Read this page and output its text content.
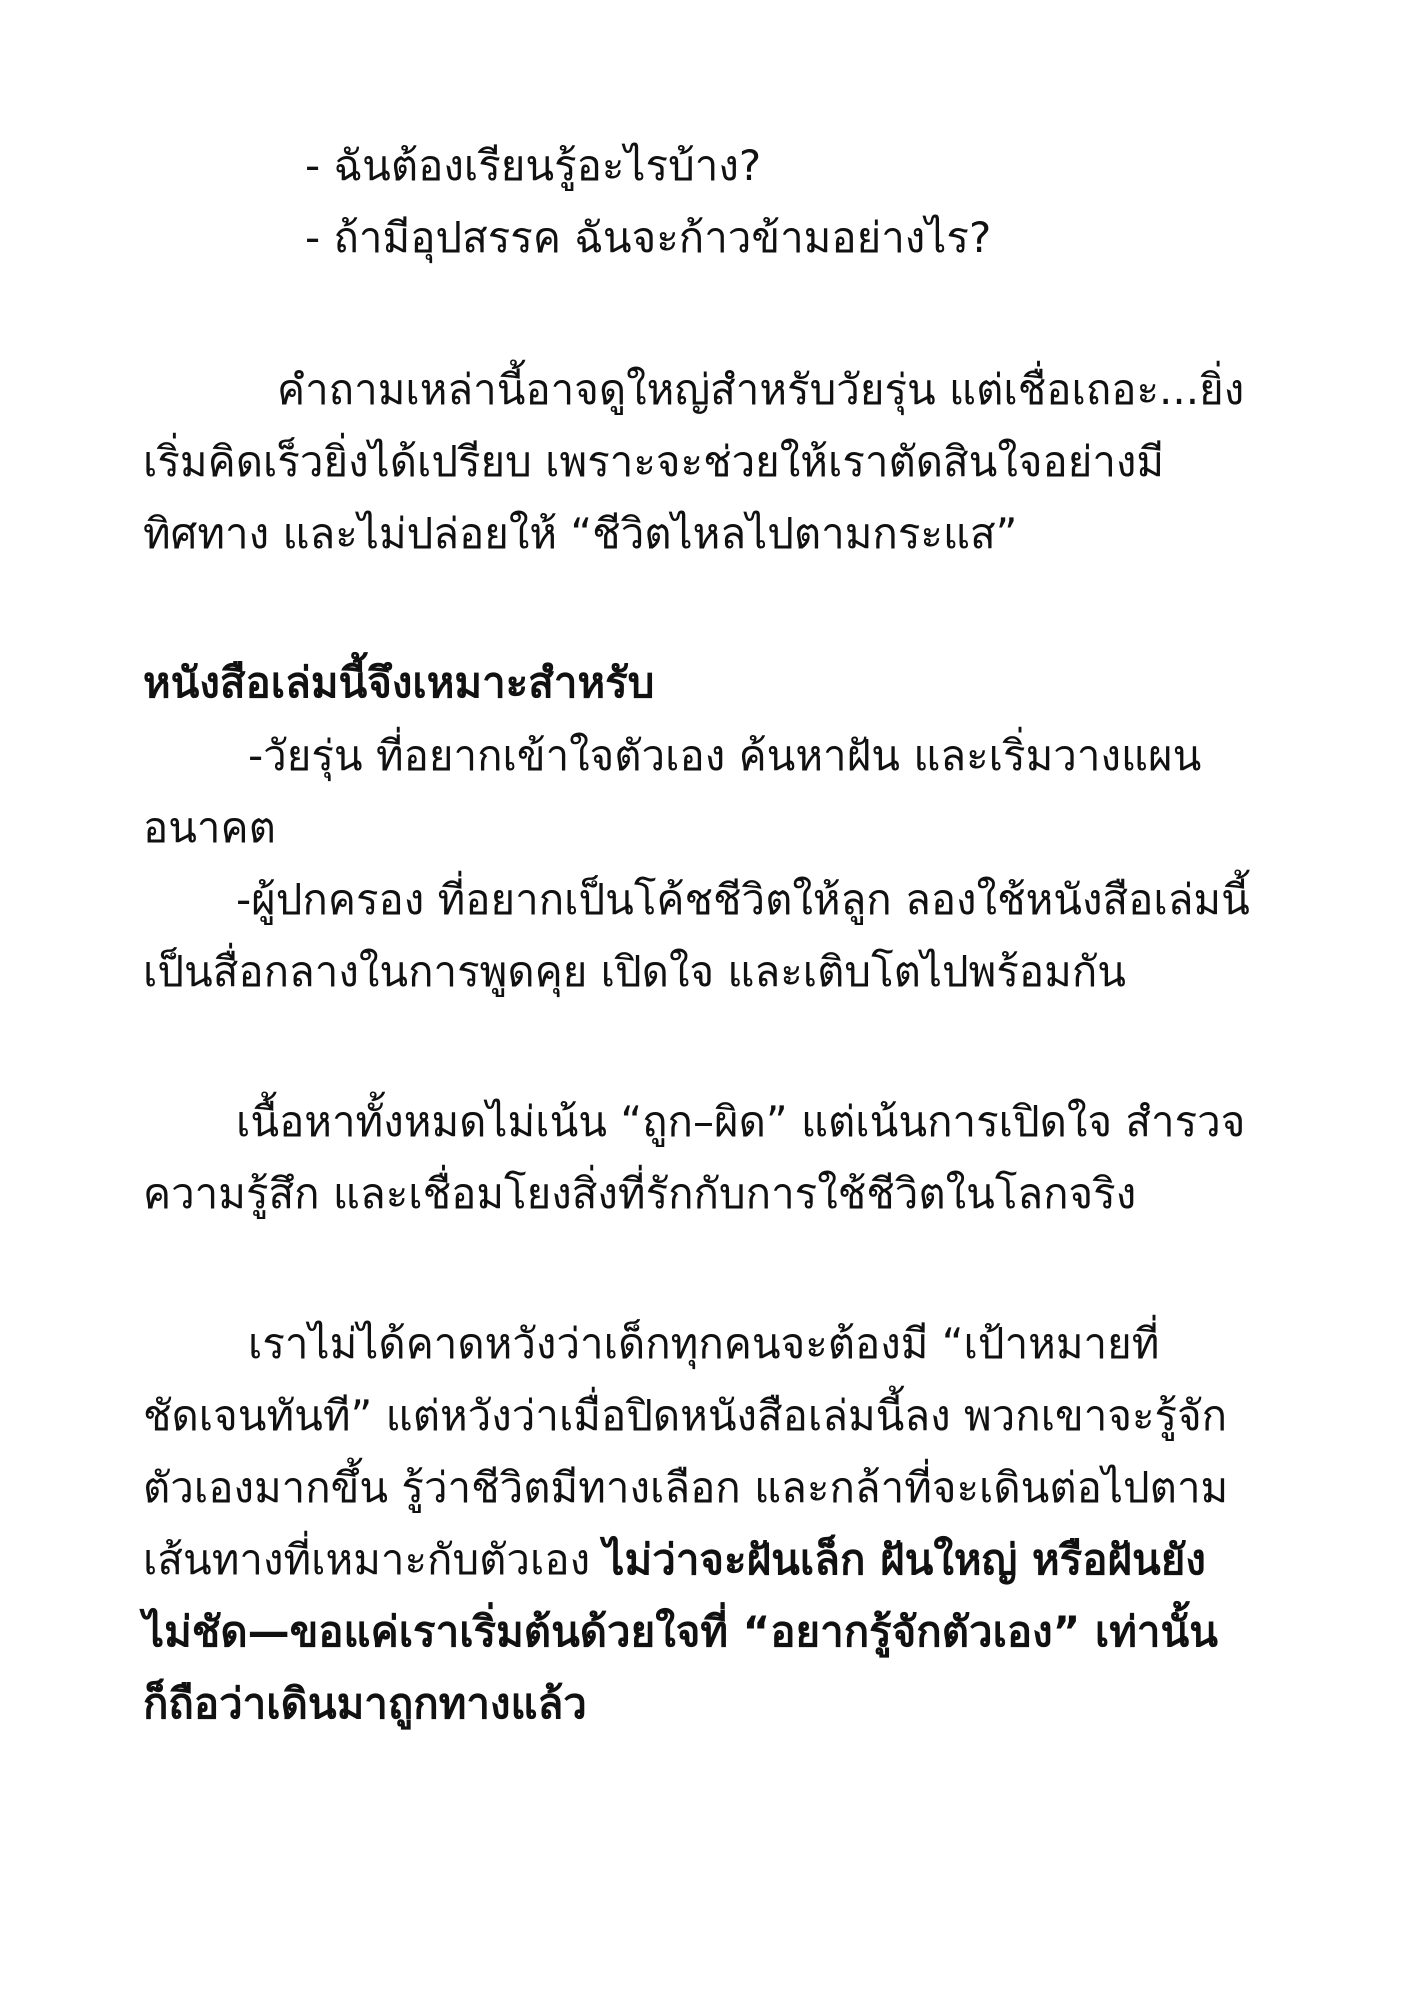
- ฉันต้องเรียนรู้อะไรบ้าง?
- ถ้ามีอุปสรรค ฉันจะก้าวข้ามอย่างไร?
คำถามเหล่านี้อาจดูใหญ่สำหรับวัยรุ่น แต่เชื่อเถอะ...ยิ่ง
เริ่มคิดเร็วยิ่งได้เปรียบ เพราะจะช่วยให้เราตัดสินใจอย่างมี
ทิศทาง และไม่ปล่อยให้ “ชีวิตไหลไปตามกระแส”
หนังสือเล่มนี้จึงเหมาะสำหรับ
-วัยรุ่น ที่อยากเข้าใจตัวเอง ค้นหาฝัน และเริ่มวางแผน
อนาคต
-ผู้ปกครอง ที่อยากเป็นโค้ชชีวิตให้ลูก ลองใช้หนังสือเล่มนี้
เป็นสื่อกลางในการพูดคุย เปิดใจ และเติบโตไปพร้อมกัน
เนื้อหาทั้งหมดไม่เน้น “ถูก–ผิด” แต่เน้นการเปิดใจ สำรวจ
ความรู้สึก และเชื่อมโยงสิ่งที่รักกับการใช้ชีวิตในโลกจริง
เราไม่ได้คาดหวังว่าเด็กทุกคนจะต้องมี “เป้าหมายที่
ชัดเจนทันที” แต่หวังว่าเมื่อปิดหนังสือเล่มนี้ลง พวกเขาจะรู้จัก
ตัวเองมากขึ้น รู้ว่าชีวิตมีทางเลือก และกล้าที่จะเดินต่อไปตาม
เส้นทางที่เหมาะกับตัวเอง ไม่ว่าจะฝันเล็ก ฝันใหญ่ หรือฝันยัง
ไม่ชัด—ขอแค่เราเริ่มต้นด้วยใจที่ “อยากรู้จักตัวเอง” เท่านั้น
ก็ถือว่าเดินมาถูกทางแล้ว
